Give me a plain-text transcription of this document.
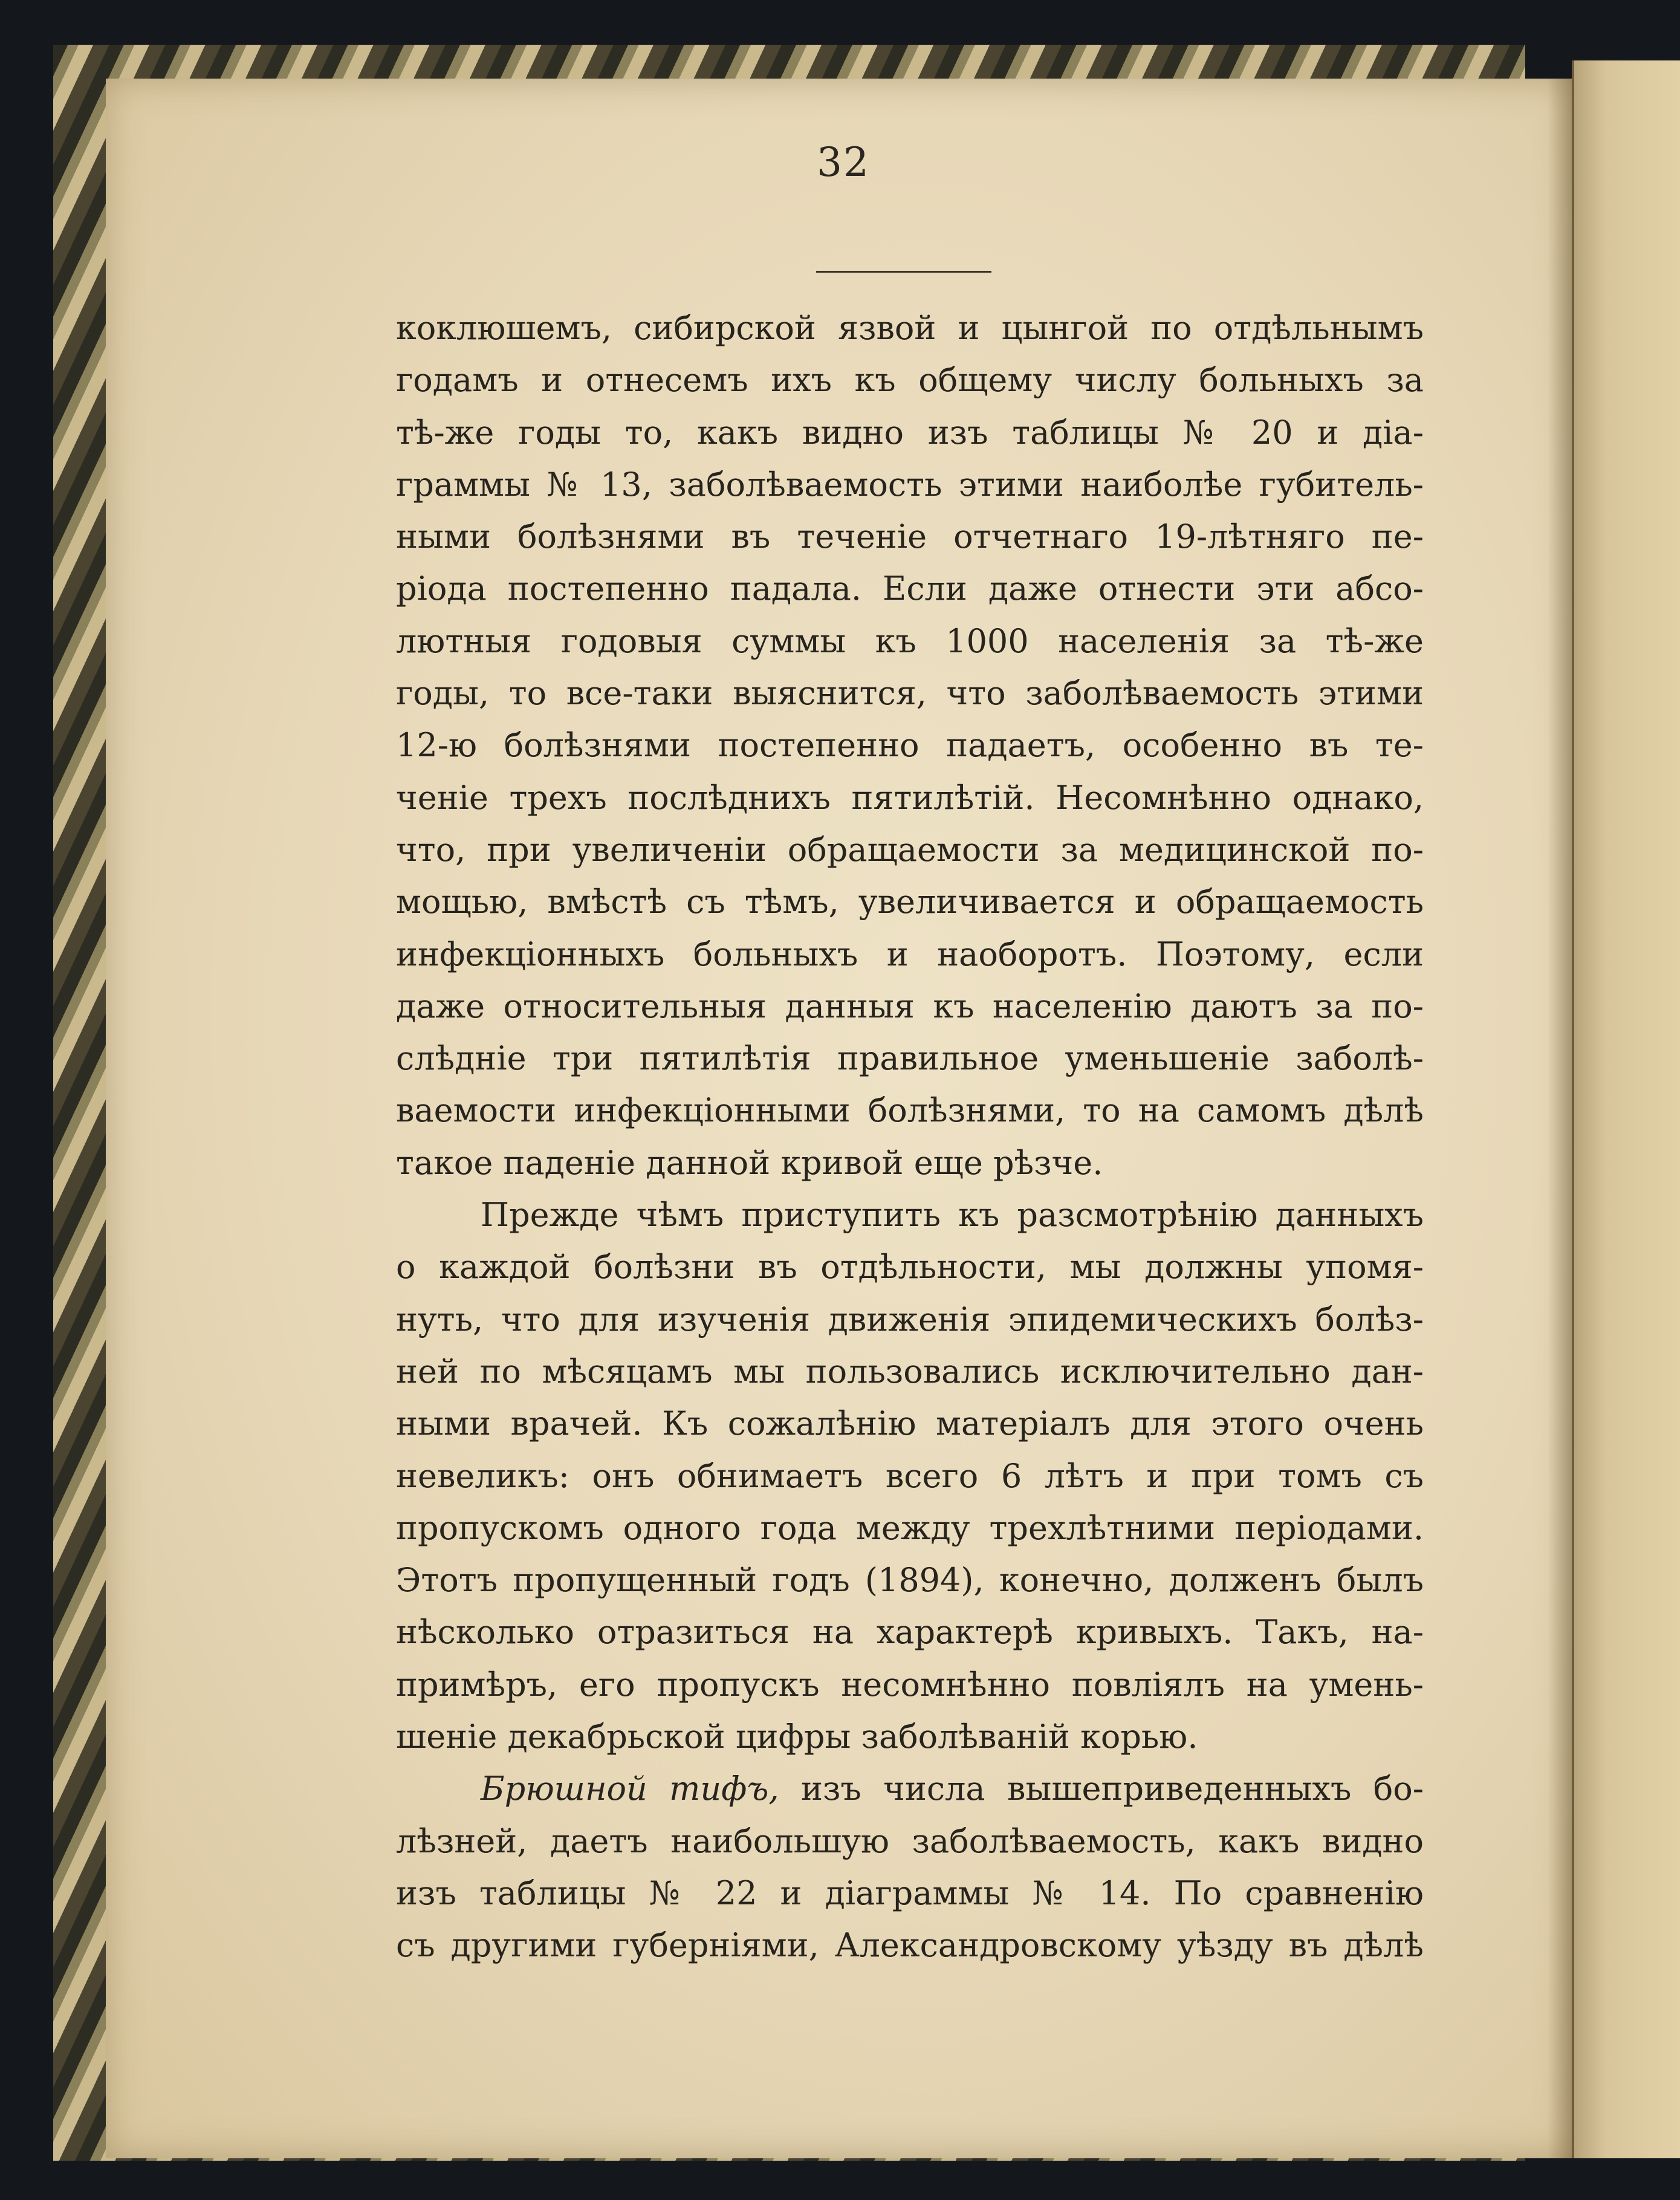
32
коклюшемъ, сибирской язвой и цынгой по отдѣльнымъ
годамъ и отнесемъ ихъ къ общему числу больныхъ за
тѣ-же годы то, какъ видно изъ таблицы № 20 и діа-
граммы № 13, заболѣваемость этими наиболѣе губитель-
ными болѣзнями въ теченіе отчетнаго 19-лѣтняго пе-
ріода постепенно падала. Если даже отнести эти абсо-
лютныя годовыя суммы къ 1000 населенія за тѣ-же
годы, то все-таки выяснится, что заболѣваемость этими
12-ю болѣзнями постепенно падаетъ, особенно въ те-
ченіе трехъ послѣднихъ пятилѣтій. Несомнѣнно однако,
что, при увеличеніи обращаемости за медицинской по-
мощью, вмѣстѣ съ тѣмъ, увеличивается и обращаемость
инфекціонныхъ больныхъ и наоборотъ. Поэтому, если
даже относительныя данныя къ населенію даютъ за по-
слѣдніе три пятилѣтія правильное уменьшеніе заболѣ-
ваемости инфекціонными болѣзнями, то на самомъ дѣлѣ
такое паденіе данной кривой еще рѣзче.
Прежде чѣмъ приступить къ разсмотрѣнію данныхъ
о каждой болѣзни въ отдѣльности, мы должны упомя-
нуть, что для изученія движенія эпидемическихъ болѣз-
ней по мѣсяцамъ мы пользовались исключительно дан-
ными врачей. Къ сожалѣнію матеріалъ для этого очень
невеликъ: онъ обнимаетъ всего 6 лѣтъ и при томъ съ
пропускомъ одного года между трехлѣтними періодами.
Этотъ пропущенный годъ (1894), конечно, долженъ былъ
нѣсколько отразиться на характерѣ кривыхъ. Такъ, на-
примѣръ, его пропускъ несомнѣнно повліялъ на умень-
шеніе декабрьской цифры заболѣваній корью.
Брюшной тифъ, изъ числа вышеприведенныхъ бо-
лѣзней, даетъ наибольшую заболѣваемость, какъ видно
изъ таблицы № 22 и діаграммы № 14. По сравненію
съ другими губерніями, Александровскому уѣзду въ дѣлѣ
